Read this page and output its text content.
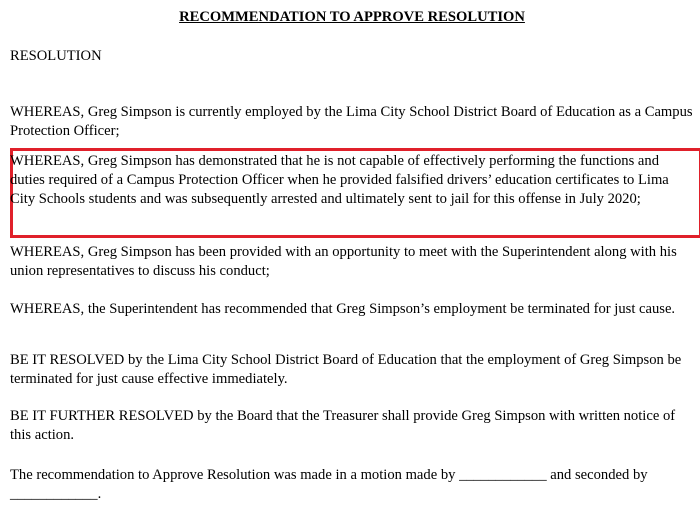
RECOMMENDATION TO APPROVE RESOLUTION
RESOLUTION

WHEREAS, Greg Simpson is currently employed by the Lima City School District Board of Education as a Campus Protection Officer;

WHEREAS, Greg Simpson has demonstrated that he is not capable of effectively performing the functions and duties required of a Campus Protection Officer when he provided falsified drivers’ education certificates to Lima City Schools students and was subsequently arrested and ultimately sent to jail for this offense in July 2020;

WHEREAS, Greg Simpson has been provided with an opportunity to meet with the Superintendent along with his union representatives to discuss his conduct;

WHEREAS, the Superintendent has recommended that Greg Simpson’s employment be terminated for just cause.

BE IT RESOLVED by the Lima City School District Board of Education that the employment of Greg Simpson be terminated for just cause effective immediately.

BE IT FURTHER RESOLVED by the Board that the Treasurer shall provide Greg Simpson with written notice of this action.

The recommendation to Approve Resolution was made in a motion made by ____________ and seconded by ____________.
